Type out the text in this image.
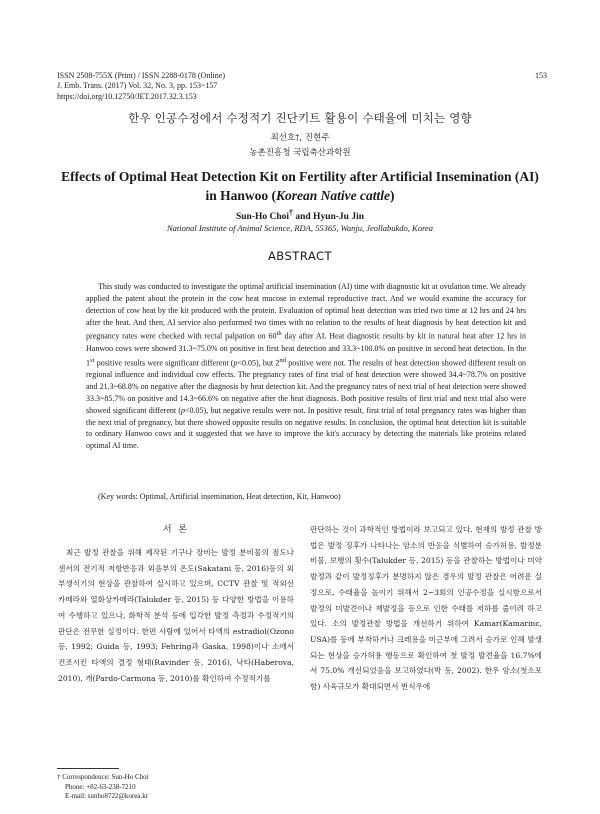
ISSN 2508-755X (Print) / ISSN 2288-0178 (Online)
J. Emb. Trans. (2017) Vol. 32, No. 3, pp. 153~157
https://doi.org/10.12750/JET.2017.32.3.153
153
한우 인공수정에서 수정적기 진단키트 활용이 수태율에 미치는 영향
최선호†, 진현주
농촌진흥청 국립축산과학원
Effects of Optimal Heat Detection Kit on Fertility after Artificial Insemination (AI) in Hanwoo (Korean Native cattle)
Sun-Ho Choi† and Hyun-Ju Jin
National Institute of Animal Science, RDA, 55365, Wanju, Jeollabukdo, Korea
ABSTRACT
This study was conducted to investigate the optimal artificial insemination (AI) time with diagnostic kit at ovulation time. We already applied the patent about the protein in the cow heat mucose in external reproductive tract. And we would examine the accuracy for detection of cow heat by the kit produced with the protein. Evaluation of optimal heat detection was tried two time at 12 hrs and 24 hrs after the heat. And then, AI service also performed two times with no relation to the results of heat diagnosis by heat detection kit and pregnancy rates were checked with rectal palpation on 60th day after AI. Heat diagnostic results by kit in natural heat after 12 hrs in Hanwoo cows were showed 31.3~75.0% on positive in first heat detection and 33.3~100.0% on positive in second heat detection. In the 1st positive results were significant different (p<0.05), but 2nd positive were not. The results of heat detection showed different result on regional influence and individual cow effects. The pregnancy rates of first trial of heat detection were showed 34.4~78.7% on positive and 21.3~68.8% on negative after the diagnosis by heat detection kit. And the pregnancy rates of next trial of heat detection were showed 33.3~85.7% on positive and 14.3~66.6% on negative after the heat diagnosis. Both positive results of first trial and next trial also were showed significant different (p<0.05), but negative results were not. In positive result, first trial of total pregnancy rates was higher than the next trial of pregnancy, but there showed opposite results on negative results. In conclusion, the optimal heat detection kit is suitable to ordinary Hanwoo cows and it suggested that we have to improve the kit's accuracy by detecting the materials like proteins related optimal AI time.
(Key words: Optimal, Artificial insemination, Heat detection, Kit, Hanwoo)
서 론
최근 발정 관찰을 위해 제작된 기구나 장비는 발정 분비물의 점도나 센서의 전기적 저항반응과 외음부의 온도(Sakatani 등, 2016)등의 외부생식기의 현상을 관찰하여 실시하고 있으며, CCTV 관찰 및 적외선 카메라와 열화상카메라(Talukder 등, 2015) 등 다양한 방법을 이용하여 수행하고 있으나, 화학적 분석 등에 입각한 발정 측정과 수정적기의 판단은 전무한 실정이다. 한편 사람에 있어서 타액의 estradiol(Ozono 등, 1992; Guida 등, 1993; Fehring과 Gaska, 1998)이나 소에서 건조시킨 타액의 결정 형태(Ravinder 등, 2016), 낙타(Haberova, 2010), 개(Pardo-Carmona 등, 2010)를 확인하여 수정적기를
판단하는 것이 과학적인 방법이라 보고되고 있다. 현재의 발정 관찰 방법은 발정 징후가 나타나는 암소의 반응을 식별하여 승가허용, 발정분비물, 보행의 횟수(Talukder 등, 2015) 등을 관찰하는 방법이나 미약 발정과 같이 발정징후가 분명하지 않은 경우의 발정 관찰은 어려운 실정으로, 수태율을 높이기 위해서 2~3회의 인공수정을 실시함으로서 발정의 미발견이나 재발정을 등으로 인한 수태를 저하를 줄이려 하고 있다. 소의 발정관찰 방법을 개선하기 위하여 Kamar(Kamarinc, USA)를 등에 부착하거나 크레용을 미근부에 그려서 승가로 인해 발생되는 현상을 승가허용 행동으로 확인하여 첫 발정 발견율을 16.7%에서 75.0% 개선되었음을 보고하였다(박 등, 2002). 한우 암소(첫소포함) 사육규모가 확대되면서 번식우에
† Correspondence: Sun-Ho Choi
Phone: +82-63-238-7210
E-mail: sunho8722@korea.kr
